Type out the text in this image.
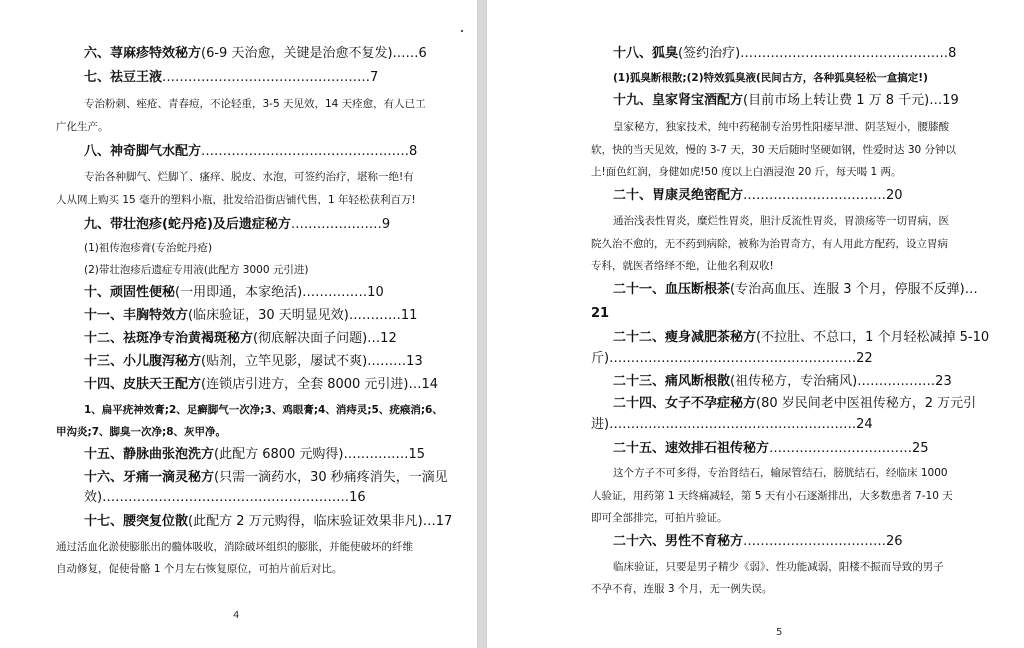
六、荨麻疹特效秘方(6-9 天治愈，关键是治愈不复发)……6
七、祛豆王液…………………………………………7
专治粉刺、痤疮、青春痘，不论轻重，3-5 天见效，14 天痊愈，有人已工
广化生产。
八、神奇脚气水配方…………………………………………8
专治各种脚气、烂脚丫、瘙痒、脱皮、水泡，可签约治疗，堪称一绝!有
人从网上购买 15 毫升的塑料小瓶，批发给沿街店铺代售，1 年轻松获利百万!
九、带壮泡疹(蛇丹疮)及后遗症秘方…………………9
(1)祖传泡疹膏(专治蛇丹疮)
(2)带壮泡疹后遗症专用液(此配方 3000 元引进)
十、顽固性便秘(一用即通，本家绝活)……………10
十一、丰胸特效方(临床验证，30 天明显见效)…………11
十二、祛斑净专治黄褐斑秘方(彻底解决面子问题)…12
十三、小儿腹泻秘方(贴剂，立竿见影，屡试不爽)………13
十四、皮肤天王配方(连锁店引进方，全套 8000 元引进)…14
1、扁平疣神效膏;2、足癣脚气一次净;3、鸡眼膏;4、消痔灵;5、疣瘊消;6、
甲沟炎;7、脚臭一次净;8、灰甲净。
十五、静脉曲张泡洗方(此配方 6800 元购得)……………15
十六、牙痛一滴灵秘方(只需一滴药水，30 秒痛疼消失，一滴见
效)…………………………………………………16
十七、腰突复位散(此配方 2 万元购得，临床验证效果非凡)…17
通过活血化淤使膨胀出的髓体吸收，消除破坏组织的膨胀，并能使破坏的纤维
自动修复，促使骨骼 1 个月左右恢复原位，可拍片前后对比。
4
十八、狐臭(签约治疗)…………………………………………8
(1)狐臭断根散;(2)特效狐臭液(民间古方，各种狐臭轻松一盒搞定!)
十九、皇家肾宝酒配方(目前市场上转让费 1 万 8 千元)…19
皇家秘方，独家技术，纯中药秘制专治男性阳痿早泄、阴茎短小，腰膝酸
软，快的当天见效，慢的 3-7 天，30 天后随时坚硬如钢，性爱时达 30 分钟以
上!面色红润，身健如虎!50 度以上白酒浸泡 20 斤，每天喝 1 两。
二十、胃康灵绝密配方……………………………20
通治浅表性胃炎，糜烂性胃炎，胆汁反流性胃炎，胃溃疡等一切胃病，医
院久治不愈的，无不药到病除，被称为治胃奇方，有人用此方配药，设立胃病
专科，就医者络绎不绝，让他名利双收!
二十一、血压断根茶(专治高血压、连服 3 个月，停服不反弹)…
21
二十二、瘦身减肥茶秘方(不拉肚、不总口，1 个月轻松减掉 5-10
斤)…………………………………………………22
二十三、痛风断根散(祖传秘方，专治痛风)………………23
二十四、女子不孕症秘方(80 岁民间老中医祖传秘方，2 万元引
进)…………………………………………………24
二十五、速效排石祖传秘方……………………………25
这个方子不可多得，专治肾结石，输尿管结石，膀胱结石，经临床 1000
人验证，用药第 1 天终痛减轻，第 5 天有小石逐渐排出，大多数患者 7-10 天
即可全部排完，可拍片验证。
二十六、男性不育秘方……………………………26
临床验证，只要是男子精少《弱》、性功能减弱，阳楼不振而导致的男子
不孕不育，连服 3 个月，无一例失误。
5
